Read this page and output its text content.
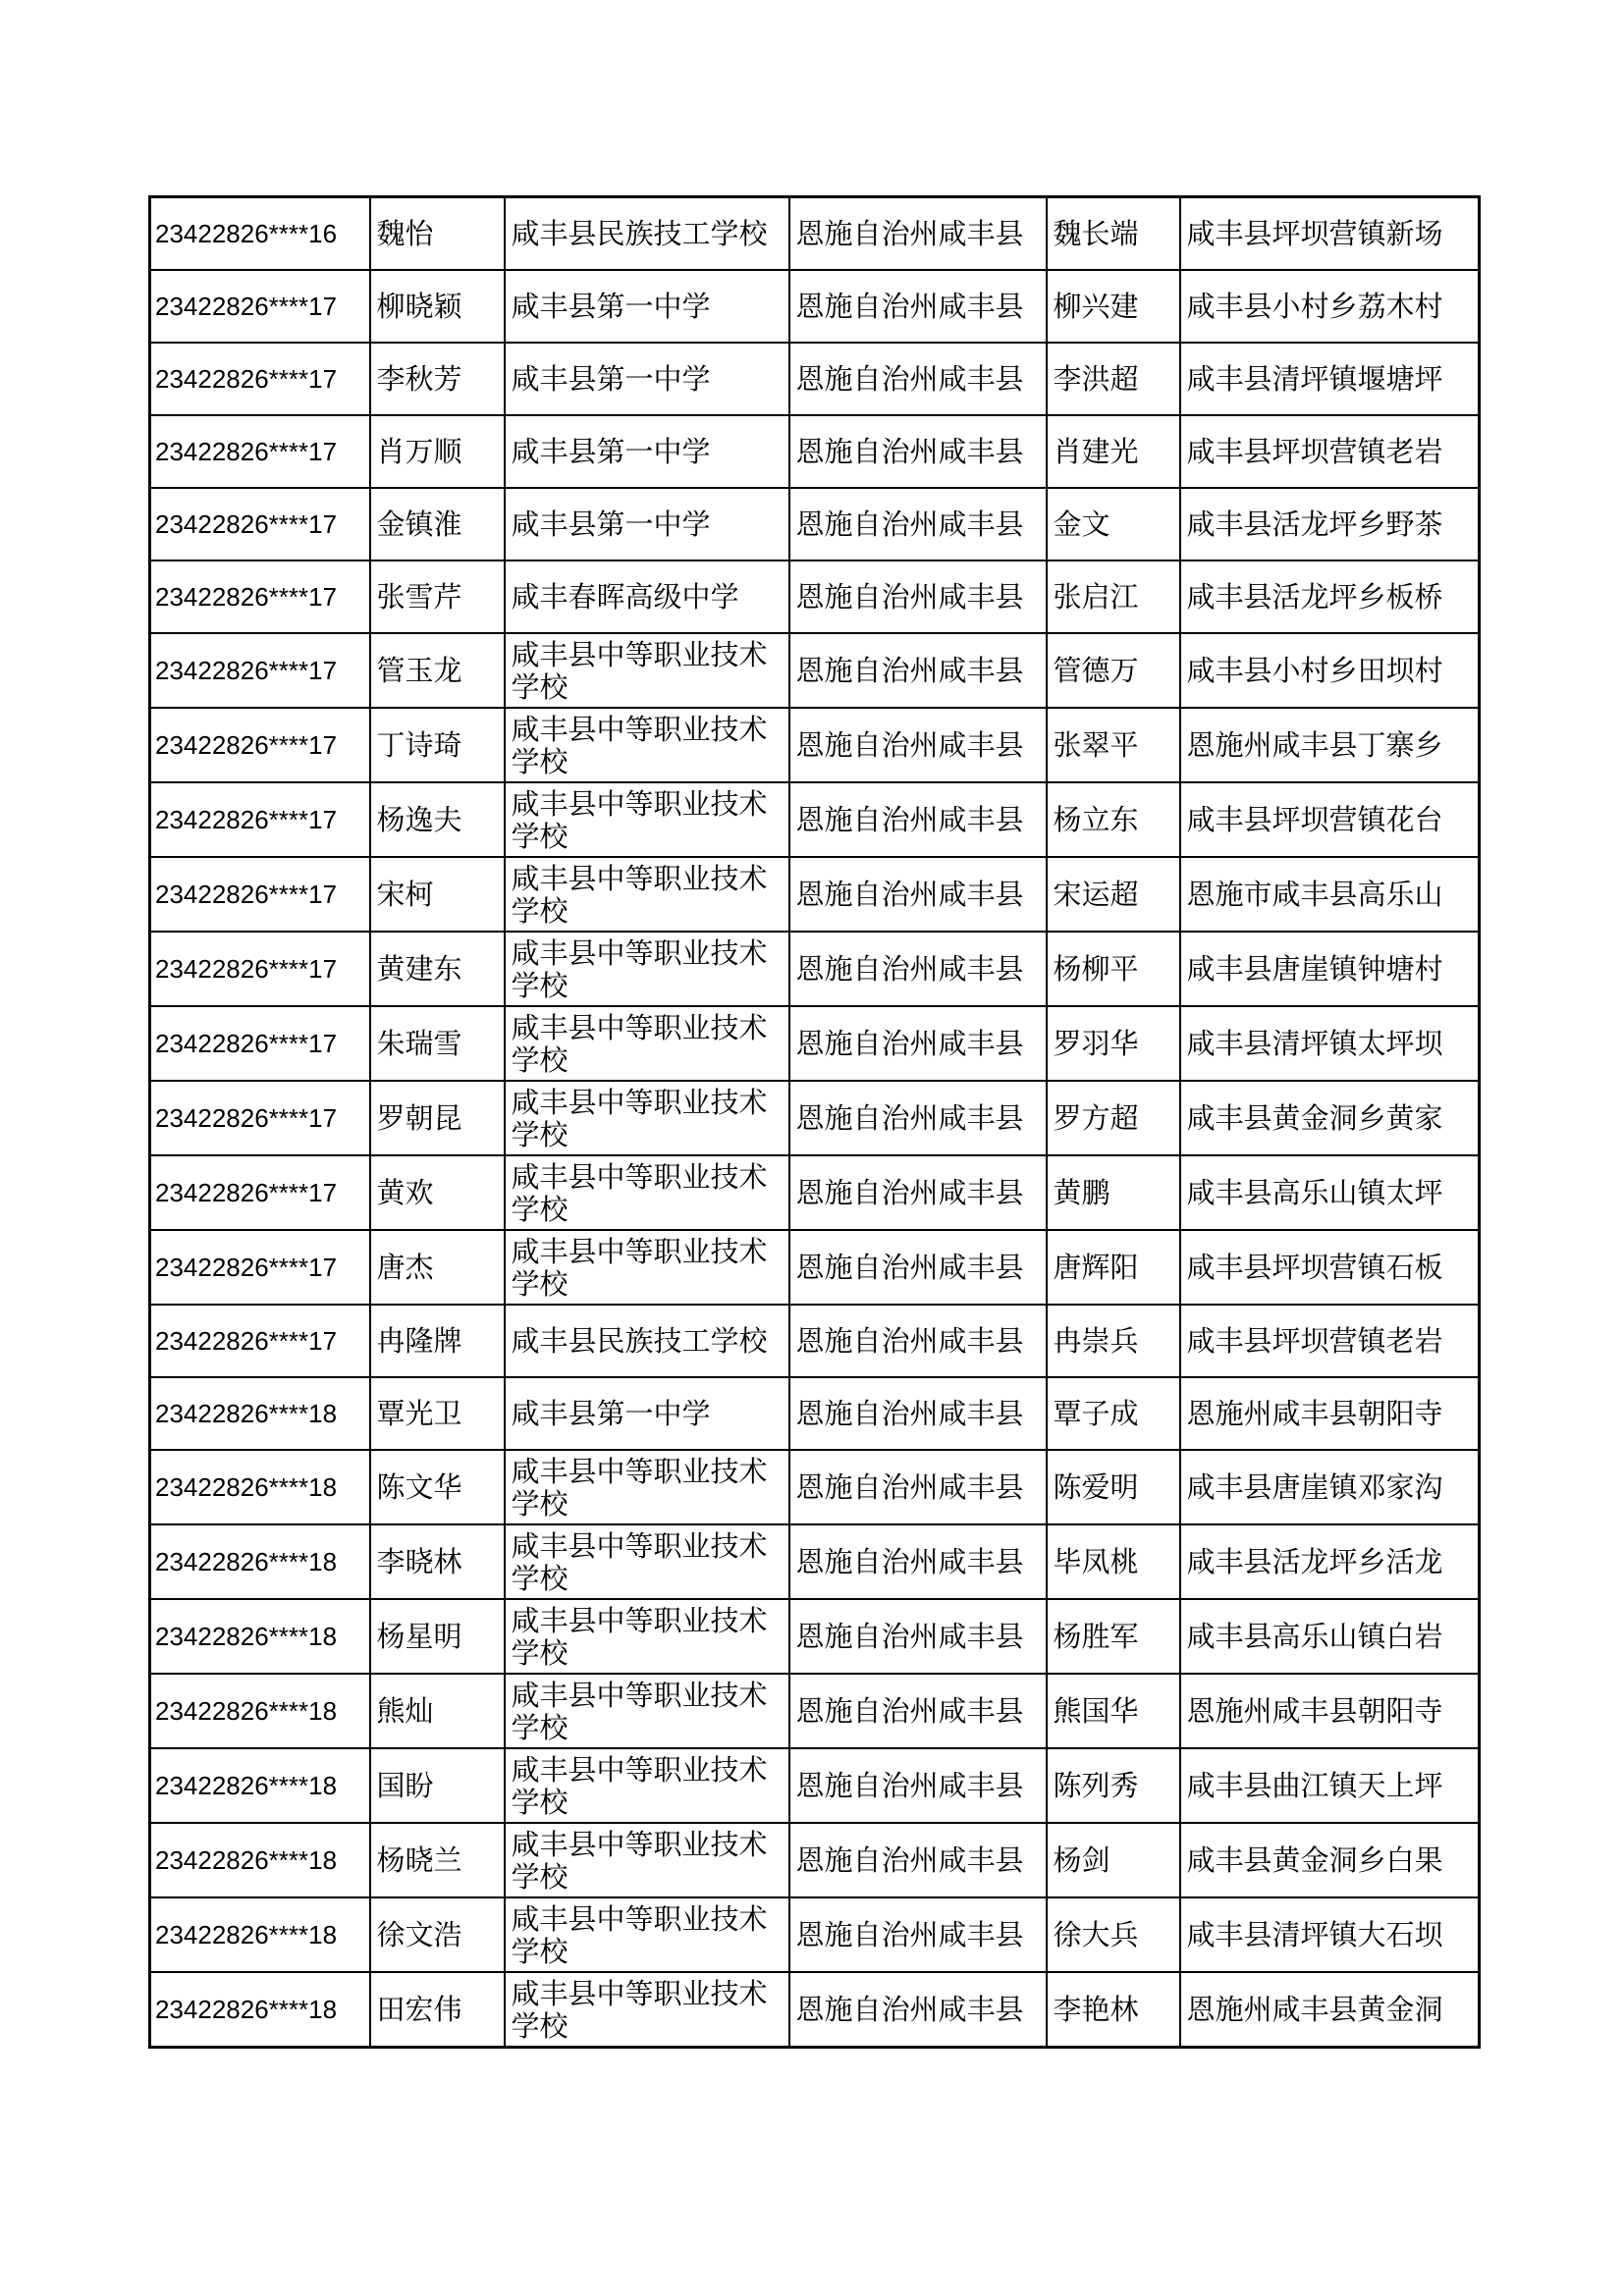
23422826****16	魏怡	咸丰县民族技工学校	恩施自治州咸丰县	魏长端	咸丰县坪坝营镇新场
23422826****17	柳晓颖	咸丰县第一中学	恩施自治州咸丰县	柳兴建	咸丰县小村乡荔木村
23422826****17	李秋芳	咸丰县第一中学	恩施自治州咸丰县	李洪超	咸丰县清坪镇堰塘坪
23422826****17	肖万顺	咸丰县第一中学	恩施自治州咸丰县	肖建光	咸丰县坪坝营镇老岩
23422826****17	金镇淮	咸丰县第一中学	恩施自治州咸丰县	金文	咸丰县活龙坪乡野茶
23422826****17	张雪芹	咸丰春晖高级中学	恩施自治州咸丰县	张启江	咸丰县活龙坪乡板桥
23422826****17	管玉龙	咸丰县中等职业技术学校	恩施自治州咸丰县	管德万	咸丰县小村乡田坝村
23422826****17	丁诗琦	咸丰县中等职业技术学校	恩施自治州咸丰县	张翠平	恩施州咸丰县丁寨乡
23422826****17	杨逸夫	咸丰县中等职业技术学校	恩施自治州咸丰县	杨立东	咸丰县坪坝营镇花台
23422826****17	宋柯	咸丰县中等职业技术学校	恩施自治州咸丰县	宋运超	恩施市咸丰县高乐山
23422826****17	黄建东	咸丰县中等职业技术学校	恩施自治州咸丰县	杨柳平	咸丰县唐崖镇钟塘村
23422826****17	朱瑞雪	咸丰县中等职业技术学校	恩施自治州咸丰县	罗羽华	咸丰县清坪镇太坪坝
23422826****17	罗朝昆	咸丰县中等职业技术学校	恩施自治州咸丰县	罗方超	咸丰县黄金洞乡黄家
23422826****17	黄欢	咸丰县中等职业技术学校	恩施自治州咸丰县	黄鹏	咸丰县高乐山镇太坪
23422826****17	唐杰	咸丰县中等职业技术学校	恩施自治州咸丰县	唐辉阳	咸丰县坪坝营镇石板
23422826****17	冉隆牌	咸丰县民族技工学校	恩施自治州咸丰县	冉崇兵	咸丰县坪坝营镇老岩
23422826****18	覃光卫	咸丰县第一中学	恩施自治州咸丰县	覃子成	恩施州咸丰县朝阳寺
23422826****18	陈文华	咸丰县中等职业技术学校	恩施自治州咸丰县	陈爱明	咸丰县唐崖镇邓家沟
23422826****18	李晓林	咸丰县中等职业技术学校	恩施自治州咸丰县	毕凤桃	咸丰县活龙坪乡活龙
23422826****18	杨星明	咸丰县中等职业技术学校	恩施自治州咸丰县	杨胜军	咸丰县高乐山镇白岩
23422826****18	熊灿	咸丰县中等职业技术学校	恩施自治州咸丰县	熊国华	恩施州咸丰县朝阳寺
23422826****18	国盼	咸丰县中等职业技术学校	恩施自治州咸丰县	陈列秀	咸丰县曲江镇天上坪
23422826****18	杨晓兰	咸丰县中等职业技术学校	恩施自治州咸丰县	杨剑	咸丰县黄金洞乡白果
23422826****18	徐文浩	咸丰县中等职业技术学校	恩施自治州咸丰县	徐大兵	咸丰县清坪镇大石坝
23422826****18	田宏伟	咸丰县中等职业技术学校	恩施自治州咸丰县	李艳林	恩施州咸丰县黄金洞
